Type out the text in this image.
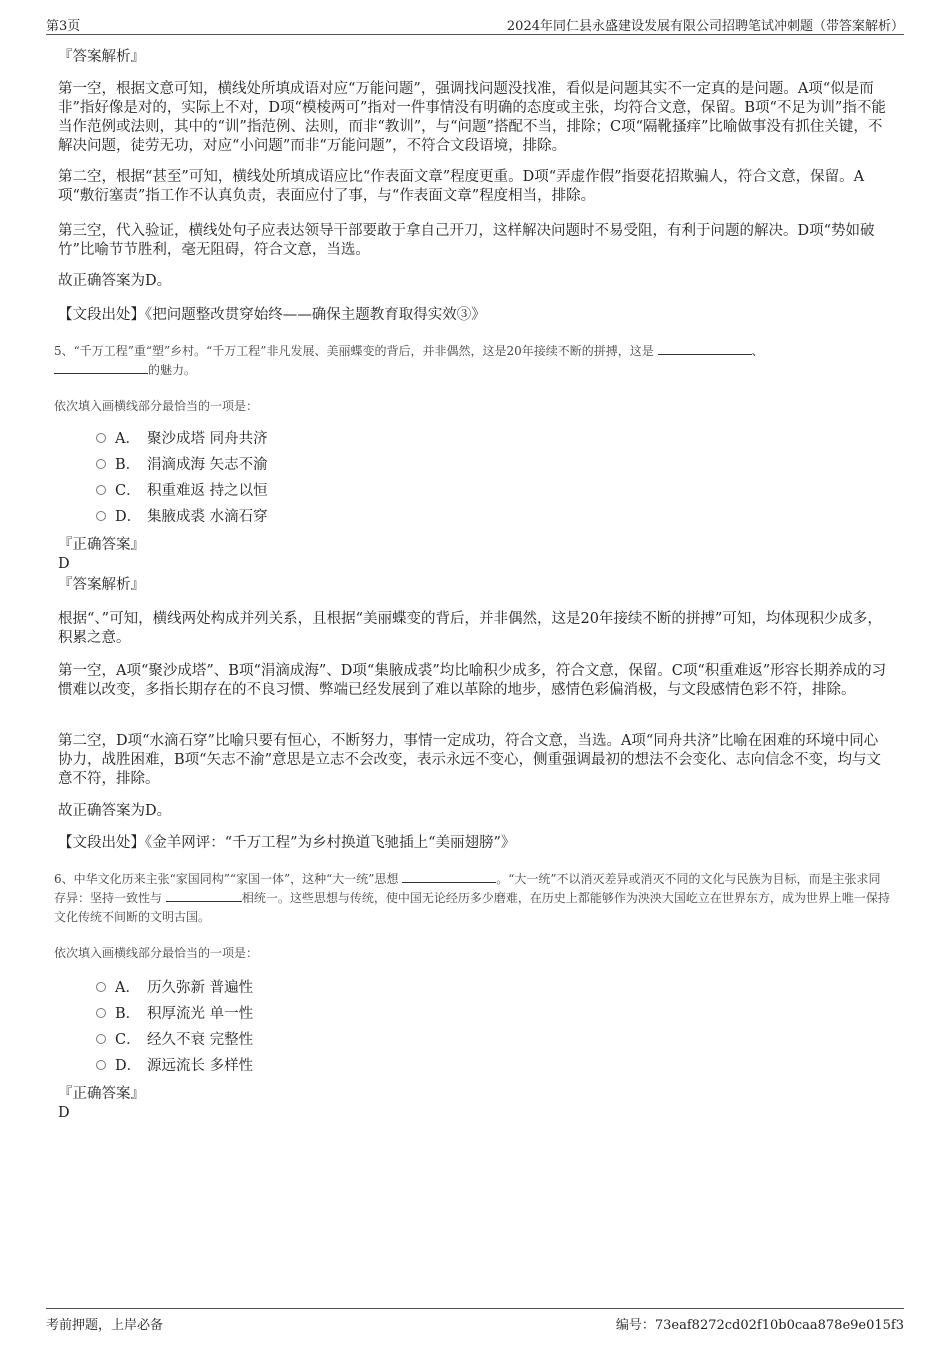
第3页	2024年同仁县永盛建设发展有限公司招聘笔试冲刺题（带答案解析）
『答案解析』

第一空，根据文意可知，横线处所填成语对应“万能问题”，强调找问题没找准，看似是问题其实不一定真的是问题。A项“似是而非”指好像是对的，实际上不对，D项“模棱两可”指对一件事情没有明确的态度或主张，均符合文意，保留。B项“不足为训”指不能当作范例或法则，其中的“训”指范例、法则，而非“教训”，与“问题”搭配不当，排除；C项“隔靴搔痒”比喻做事没有抓住关键，不解决问题，徒劳无功，对应“小问题”而非“万能问题”，不符合文段语境，排除。

第二空，根据“甚至”可知，横线处所填成语应比“作表面文章”程度更重。D项“弄虚作假”指耍花招欺骗人，符合文意，保留。A项“敷衍塞责”指工作不认真负责，表面应付了事，与“作表面文章”程度相当，排除。

第三空，代入验证，横线处句子应表达领导干部要敢于拿自己开刀，这样解决问题时不易受阻，有利于问题的解决。D项“势如破竹”比喻节节胜利，毫无阻碍，符合文意，当选。

故正确答案为D。

【文段出处】《把问题整改贯穿始终——确保主题教育取得实效③》

5、“千万工程”重“塑”乡村。“千万工程”非凡发展、美丽蝶变的背后，并非偶然，这是20年接续不断的拼搏，这是	、
的魅力。

依次填入画横线部分最恰当的一项是：

A． 聚沙成塔 同舟共济
B． 涓滴成海 矢志不渝
C． 积重难返 持之以恒
D． 集腋成裘 水滴石穿
『正确答案』
D
『答案解析』

根据“、”可知，横线两处构成并列关系，且根据“美丽蝶变的背后，并非偶然，这是20年接续不断的拼搏”可知，均体现积少成多，积累之意。

第一空，A项“聚沙成塔”、B项“涓滴成海”、D项“集腋成裘”均比喻积少成多，符合文意，保留。C项“积重难返”形容长期养成的习惯难以改变，多指长期存在的不良习惯、弊端已经发展到了难以革除的地步，感情色彩偏消极，与文段感情色彩不符，排除。

第二空，D项“水滴石穿”比喻只要有恒心，不断努力，事情一定成功，符合文意，当选。A项“同舟共济”比喻在困难的环境中同心协力，战胜困难，B项“矢志不渝”意思是立志不会改变，表示永远不变心，侧重强调最初的想法不会变化、志向信念不变，均与文意不符，排除。

故正确答案为D。

【文段出处】《金羊网评：“千万工程”为乡村换道飞驰插上“美丽翅膀”》

6、中华文化历来主张“家国同构”“家国一体”，这种“大一统”思想	。“大一统”不以消灭差异或消灭不同的文化与民族为目标，而是主张求同存异：坚持一致性与	相统一。这些思想与传统，使中国无论经历多少磨难，在历史上都能够作为泱泱大国屹立在世界东方，成为世界上唯一保持文化传统不间断的文明古国。

依次填入画横线部分最恰当的一项是：

A． 历久弥新 普遍性
B． 积厚流光 单一性
C． 经久不衰 完整性
D． 源远流长 多样性
『正确答案』
D
考前押题，上岸必备	编号：73eaf8272cd02f10b0caa878e9e015f3
